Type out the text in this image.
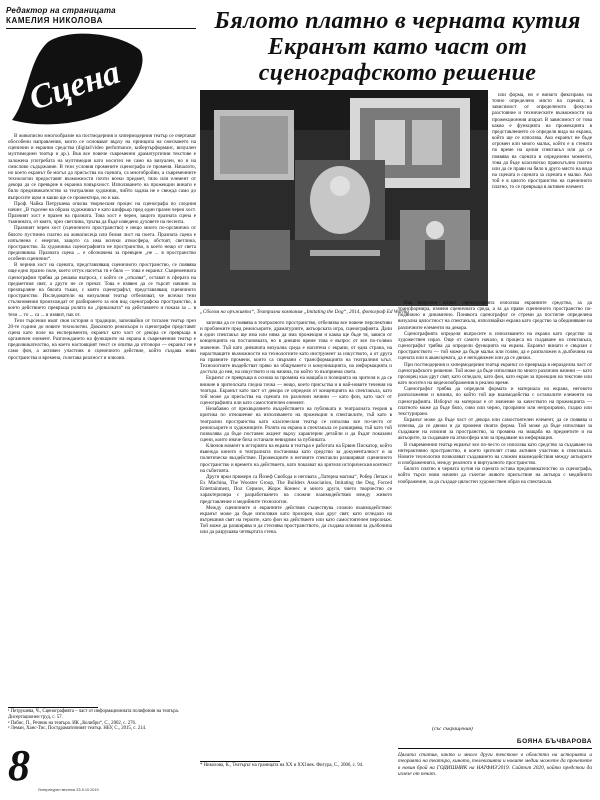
Редактор на страницата
КАМЕЛИЯ НИКОЛОВА
Сцена
Бялото платно в черната кутия
Екранът като част от
сценографското решение

В живописно многообразие на постмодерния и хипермодерния театър се очертават обособени направления, които се основават върху на принципа на смесването на сценични и екранни средства (digital/video performance, кибертърформанс, визуален мултимедиен театър и др.). Във все повече съвременни драматургични текстове е заложена употребата на мултимедия като носител не само на визуален, но и на смислово съдържание. В тези условия промените сценографа се променя. Началото, но което екранът бе могъл да присъства на сцената, са многобройни, а съвременните технологии предоставят възможности почти всеки предмет, тяло или елемент от декора да се превърне в екранна повърхност. Използването на прожекции винаги е било предизвикателство за театралния художник, чийто задача не е свежда само до въпросите щом и какво ще се прожектира, но и как.

Проф. Чайка Петрушева описва творческия процес на сценографа по следния начин: „В търсене на образа художникът е като шифрьор пред един празен черен хост. Празният хост е празен на празната. Това хост е черен, защото празната сцена е тъмнината, от която, чрез светлина, тръгва да бъде изведено духовете на песента.

Празният черен хост (сценичното пространство) е нещо много по-органично от бялото пустинно платно на живописеца или белия лист на поета. Празната сцена е изпълнена с енергия, защото са има всички атмосфера, обстоят, светлина, пространство. За художника сценографията не пространство, в което нещо от света предизвиква. Празната сцена ... е обозначена за превърне „не ... в пространство особени сценични“.

В черния хост на сцената, представляващ сценичното пространство, се появява още едно празно поле, което оттук насетък тя е бяло — това е екранът. Съвременната сценография трябва да решава въпроса, с който се „отказва“, остават в сферата на предметния свят, а други не се пречат. Това е изявен да се търсят начини за прехвърляне на бялата тъкан, с която сценографът, представляващ сценичното пространство. Изследователи на визуалния театър отбелязват, че всички тези стълкновения произхождат от разбирането за нов вид сценографско пространство, в което действието превръща ролята на „приказката“ на дейставието и показа за ... в тези ... то ... са ... и изявит, пак от.

Тези търсения имат своя история и традиции, започвайки от тотален театър през 20-те години до новите технологии. Доколкото режисьори и сценографи представят сцена като поле на експерименти, екранът като част от декора се превръща в органичен елемент. Разглеждането на функциите на екрана в съвременния театър е предизвикателство, на което настоящият текст се опитва да отговори — екранът не е само фон, а активен участник в сценичното действие, който създава нови пространства и времена, съчетава реалност и илюзия.

или форма, но е винаги фиксирана на точно определено място на сцената, в зависимост от определеното фокусно разстояние и техническите възможности на прожекционния апарат. В зависимост от това какво е функцията на прожекцията в представлението се определя вида на екрана, който ще се използва. Ако екранът не бъде огромен или много малък, който е в стената по време на целия спектакъл или да се появява на сцената в определени моменти, това да бъде класическо правоъгълно платно или да се прави на бяло в друго място на вида на сцената и сцената за сцената е малко. Ако той е в цялото пространство на сценичното платно, то се превръща в активен елемент.

„Сбогом на оръжията“, Театрална компания „Imitating the Dog“, 2014, фотограф Ed Waring

започва да се появява в театралното пространство, отбелязва все повече перспективи и проблемите пред режисьорите, драматурзите, актьорската игра, сценографията. Дали в един спектакъл ще има или няма да има прожекция и каква ще бъде тя, зависи от концепцията на постановката, но в днешно време това е въпрос от все по-голямо значение. Тъй като днешната визуална среда е наситена с екрани, от една страна, на нарастващите възможности на технологиите като инструмент за изкуството, а от друга на правните промени, които са свързани с трансформацията на театралния ъгъл. Технологиите въздействат пряко на общуването и комуникацията, на информацията и достъпа до нея, на изкуството и на начина, по който то възприема света.

Екранът се превръща в основа за промяна на мащаба и позицията на зрителя и да се вникне в зрителската гледна точка — нещо, което присъства и в най-новите течения на театъра. Екранът като част от декора се определя от концепцията на спектакъла, като той може да присъства на сцената по различни начини — като фон, като част от сценографията или като самостоятелен елемент.

Незабавно от прехвърлянето въздействието на публиката и театралната теория в критика по отношение на използването на прожекции в спектаклите, тъй като в театрални пространства като класическия театър се използва все по-често от режисьорите и художниците. Ролята на екрана в спектакъла се разширява, тъй като той позволява да бъде поставен акцент върху характерни детайли и да бъдат показани сцени, които иначе биха останали невидими за публиката.

Ключов момент в историята на екрана в театъра е работата на Ервин Пискатор, който въвежда киното в театралната постановка като средство за документалност и за политическо въздействие. Прожекциите в неговите спектакли разширяват сценичното пространство и времето на действието, като показват на зрителя историческия контекст на събитията.

Други ярки примери са Йозеф Свобода и неговата „Латерна магика“, Робер Лепаж и Ex Machina, The Wooster Group, The Builders Association, Imitating the Dog, Forced Entertainment, Пол Сермон, Жорж Коннес и много други, чието творчество се характеризира с разработването на сложни взаимодействия между живото представление и медийните технологии.

Между сценичните и екранните действия съществува сложно взаимодействие: екранът може да бъде използван като прозорец към друг свят, като огледало на вътрешния свят на героите, като фон на действието или като самостоятелен персонаж. Той може да разширява и да стеснява пространството, да създава илюзия за дълбочина или да разрушава четвъртата стена.

* Николова, К., Театърът на границата на XX и XXI век. Фигура, С., 2006, с. 94.

Във визуален аспект сценографията използва екранните средства, за да трансформира, изменя сценичната среда, а за да прави сценичното пространство по-подвижно и динамично. Понякога сценографът се стреми да постигне определена визуална цялостност на спектакъла, използвайки екрана като средство за обединяване на различните елементи на декора.

Сценографията определя въпросите в използването на екрана като средство за художествен израз. Още от самото начало, в процеса на създаване на спектакъла, сценографът трябва да определи функцията на екрана. Екранът винаги е свързан с пространството — той може да бъде малък или голям, да е разположен в дълбочина на сцената или в авансцената, да е неподвижен или да се движи.

При постмодерния и хипермодерния театър екранът се превръща в неразделна част от сценографското решение. Той може да бъде използван по много различни начини — като прозорец към друг свят, като огледало, като фон, като екран за проекции на текстове или като носител на видеоизображения в реално време.

Сценографът трябва да определи формата и материала на екрана, неговото разположение и начина, по който той ще взаимодейства с останалите елементи на сценографията. Изборът на материал е от значение за качеството на прожекцията — платното може да бъде бяло, сиво или черно, прозрачно или непрозрачно, гладко или текстурирано.

Екранът може да бъде част от декора или самостоятелен елемент, да се появява и изчезва, да се движи и да променя своята форма. Той може да бъде използван за създаване на илюзия за пространство, за промяна на мащаба на предметите и на актьорите, за създаване на атмосфера или за предаване на информация.

В съвременния театър екранът все по-често се използва като средство за създаване на интерактивно пространство, в което зрителят става активен участник в спектакъла. Новите технологии позволяват създаването на сложни взаимодействия между актьорите и изображенията, между реалното и виртуалното пространство.

Бялото платно в черната кутия на сцената остава предизвикателство за сценографа, който търси нови начини да съчетае живото присъствие на актьора с медийното изображение, за да създаде цялостен художествен образ на спектакъла.

(със съкращения)
БОЯНА БЪЧВАРОВА
Цялата статия, както и много други текстове в областта на историята и теорията на театъра, киното, телевизията и новите медии можете да прочетете в новия брой на ГОДИШНИК на НАТФИЗ'2019. Сайтът 2020, който предстои да излезе от печат.
¹ Петрушева, Ч., Сценографията – част от информационната полифония на театъра. Дисертационен труд, с. 57.
² Пабис, П., Речник на театъра. ИК „Колибри“, С., 2002, с. 276.
³ Леман, Ханс-Тис, Постдраматичният театър. НБУ, С., 2015, с. 214.
8 Литературен вестник 23-9.10.2019
